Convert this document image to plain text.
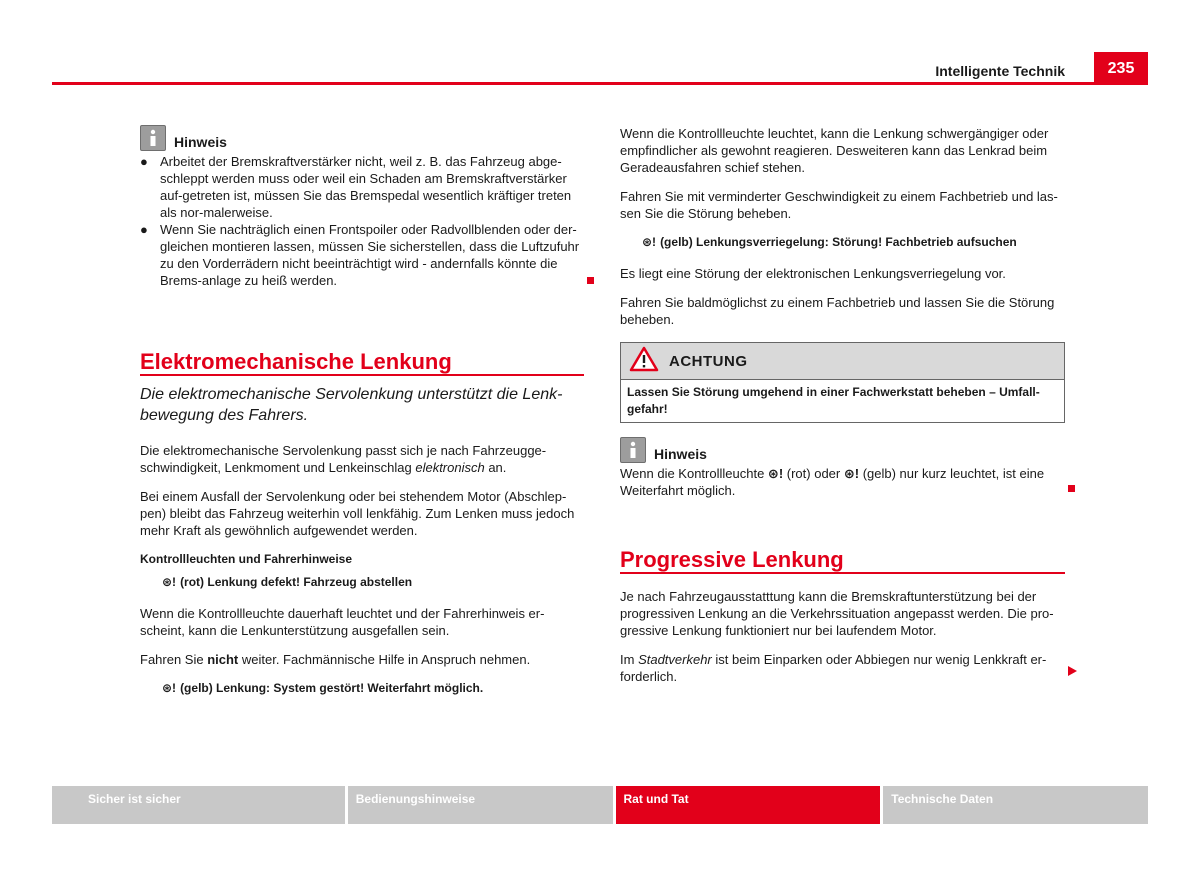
Intelligente Technik	235
Hinweis
● Arbeitet der Bremskraftverstärker nicht, weil z. B. das Fahrzeug abge-schleppt werden muss oder weil ein Schaden am Bremskraftverstärker auf-getreten ist, müssen Sie das Bremspedal wesentlich kräftiger treten als nor-malerweise.
● Wenn Sie nachträglich einen Frontspoiler oder Radvollblenden oder der-gleichen montieren lassen, müssen Sie sicherstellen, dass die Luftzufuhr zu den Vorderrädern nicht beeinträchtigt wird - andernfalls könnte die Brems-anlage zu heiß werden.
Elektromechanische Lenkung
Die elektromechanische Servolenkung unterstützt die Lenk-bewegung des Fahrers.

Die elektromechanische Servolenkung passt sich je nach Fahrzeugge-schwindigkeit, Lenkmoment und Lenkeinschlag elektronisch an.

Bei einem Ausfall der Servolenkung oder bei stehendem Motor (Abschlep-pen) bleibt das Fahrzeug weiterhin voll lenkfähig. Zum Lenken muss jedoch mehr Kraft als gewöhnlich aufgewendet werden.

Kontrollleuchten und Fahrerhinweise
⊛! (rot) Lenkung defekt! Fahrzeug abstellen

Wenn die Kontrollleuchte dauerhaft leuchtet und der Fahrerhinweis er-scheint, kann die Lenkunterstützung ausgefallen sein.

Fahren Sie nicht weiter. Fachmännische Hilfe in Anspruch nehmen.

⊛! (gelb) Lenkung: System gestört! Weiterfahrt möglich.

Wenn die Kontrollleuchte leuchtet, kann die Lenkung schwergängiger oder empfindlicher als gewohnt reagieren. Desweiteren kann das Lenkrad beim Geradeausfahren schief stehen.

Fahren Sie mit verminderter Geschwindigkeit zu einem Fachbetrieb und las-sen Sie die Störung beheben.

⊛! (gelb) Lenkungsverriegelung: Störung! Fachbetrieb aufsuchen

Es liegt eine Störung der elektronischen Lenkungsverriegelung vor.

Fahren Sie baldmöglichst zu einem Fachbetrieb und lassen Sie die Störung beheben.

ACHTUNG
Lassen Sie Störung umgehend in einer Fachwerkstatt beheben – Umfall-gefahr!
Hinweis

Wenn die Kontrollleuchte ⊛! (rot) oder ⊛! (gelb) nur kurz leuchtet, ist eine Weiterfahrt möglich.

Progressive Lenkung

Je nach Fahrzeugausstatttung kann die Bremskraftunterstützung bei der progressiven Lenkung an die Verkehrssituation angepasst werden. Die pro-gressive Lenkung funktioniert nur bei laufendem Motor.

Im Stadtverkehr ist beim Einparken oder Abbiegen nur wenig Lenkkraft er-forderlich.

Sicher ist sicher	Bedienungshinweise	Rat und Tat	Technische Daten
